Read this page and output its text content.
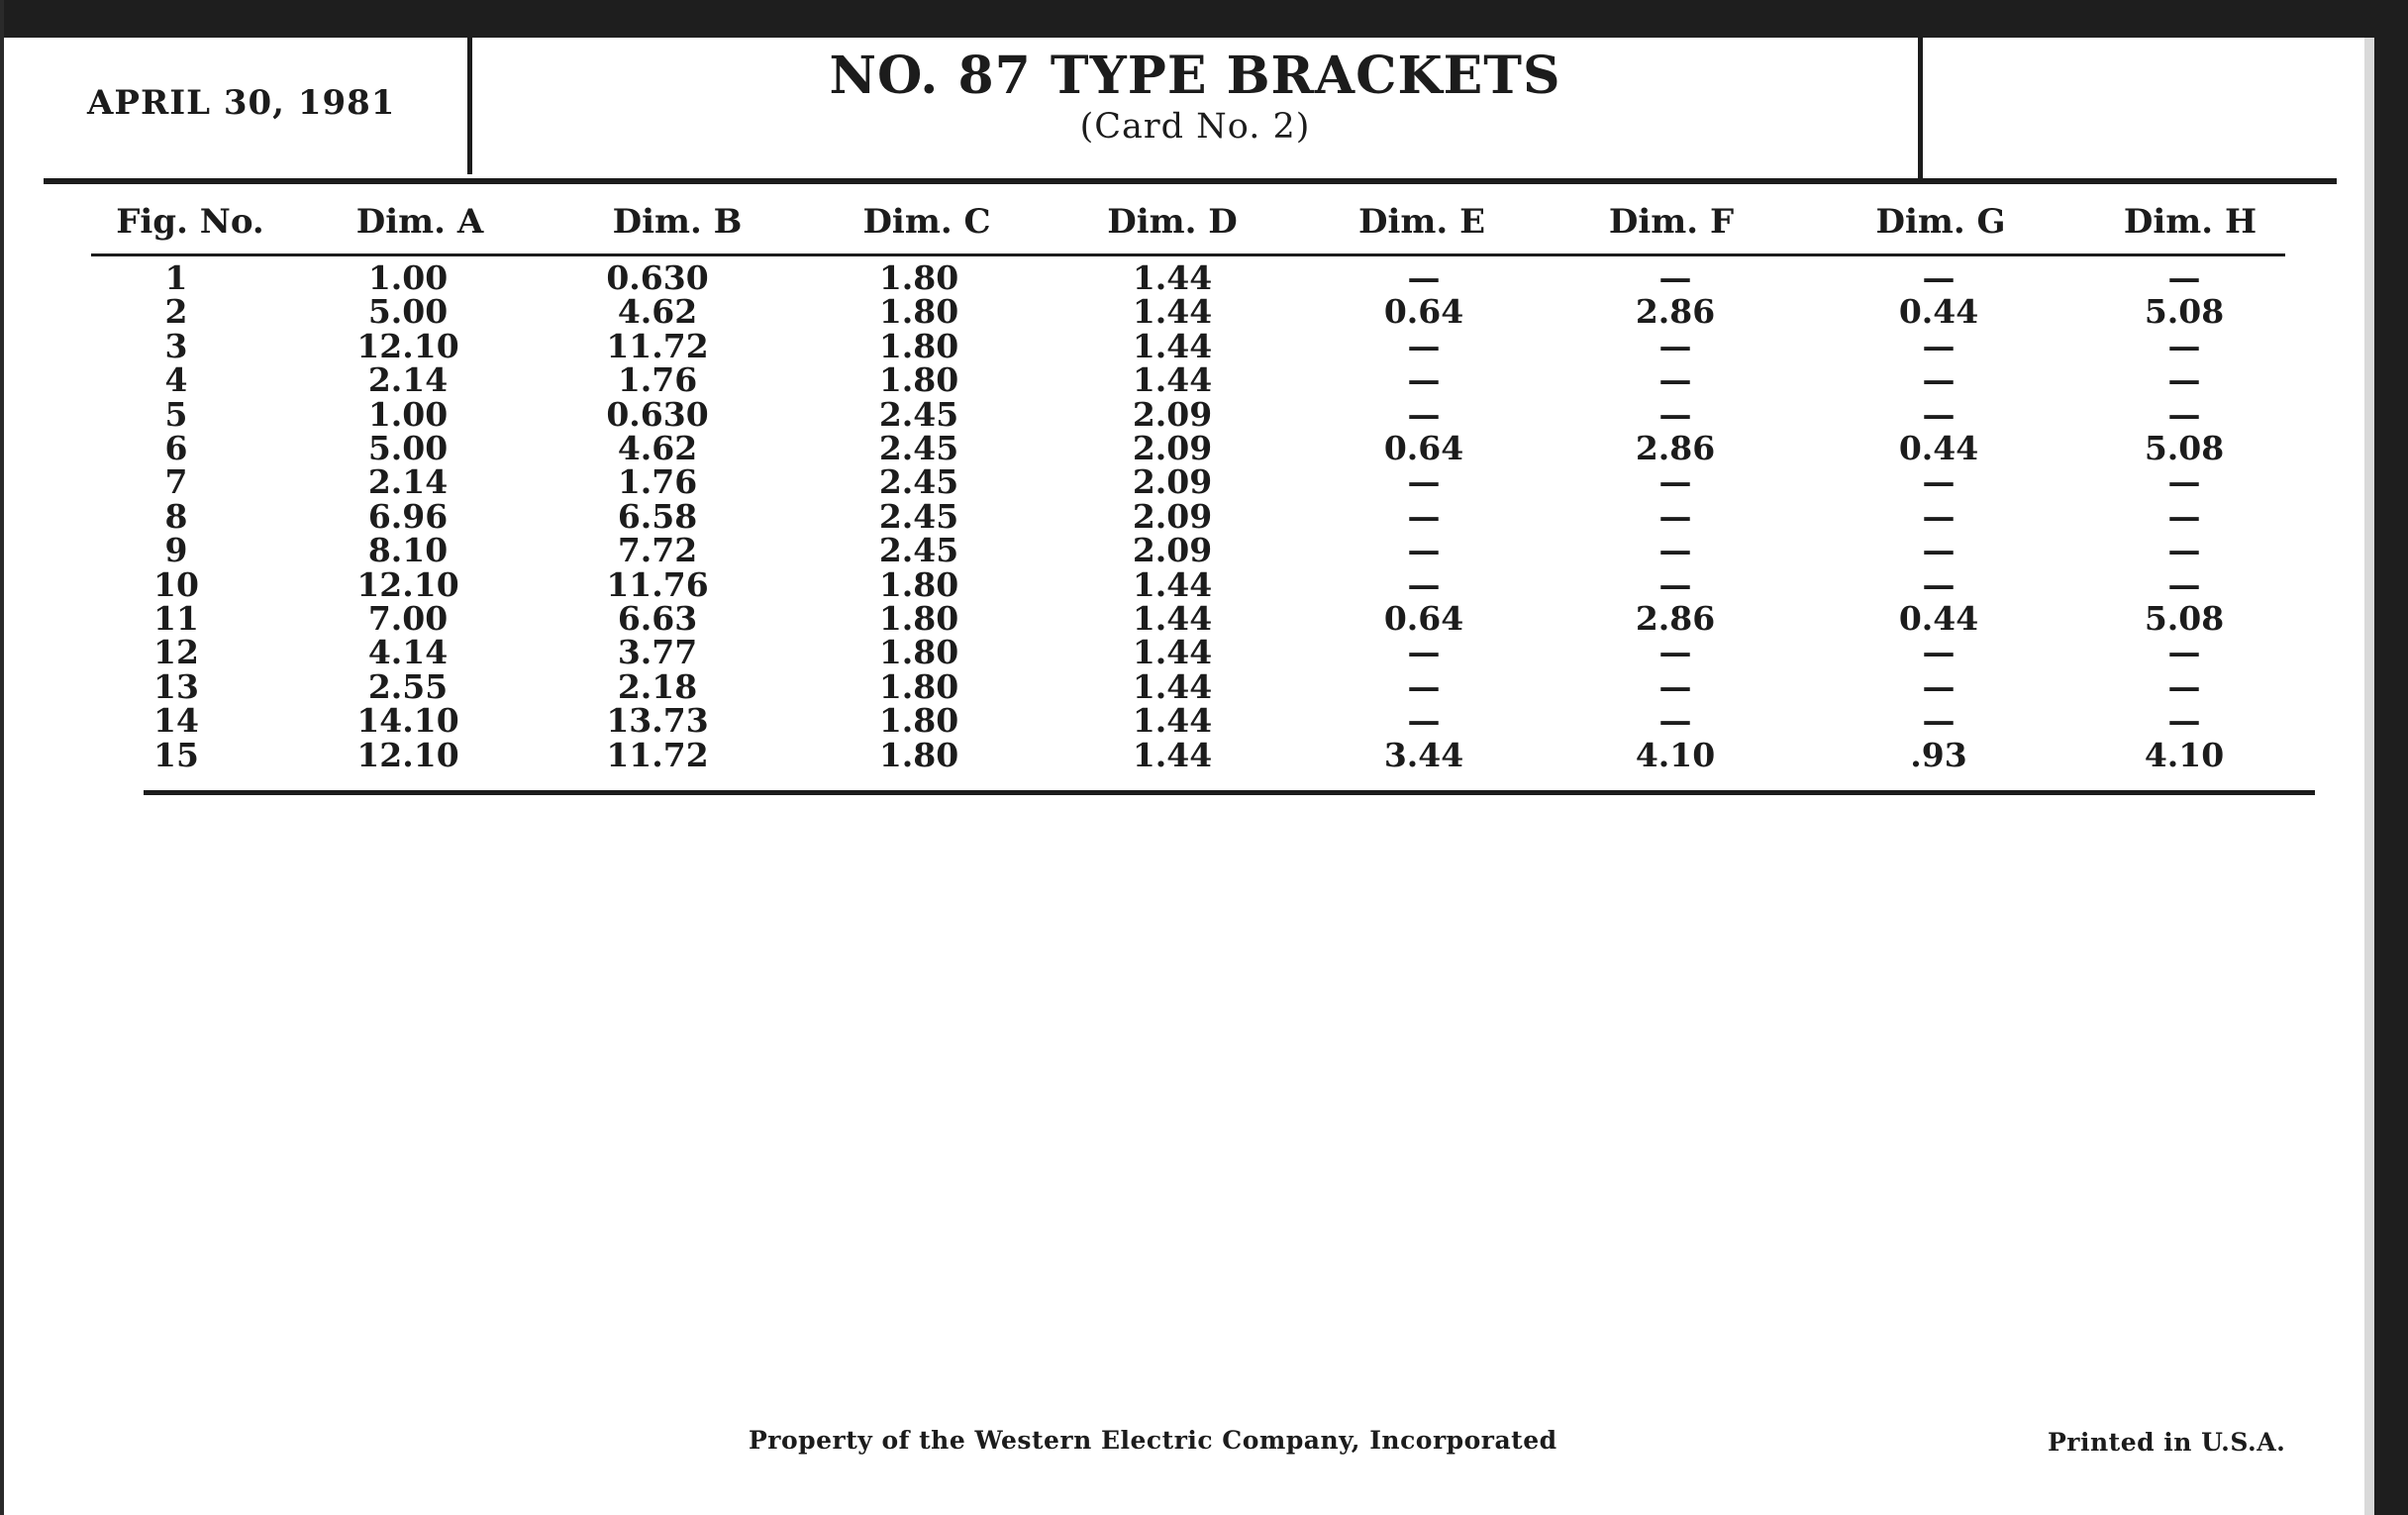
APRIL 30, 1981	NO. 87 TYPE BRACKETS
(Card No. 2)
Fig. No.	Dim. A	Dim. B	Dim. C	Dim. D	Dim. E	Dim. F	Dim. G	Dim. H
1	1.00	0.630	1.80	1.44	—	—	—	—
2	5.00	4.62	1.80	1.44	0.64	2.86	0.44	5.08
3	12.10	11.72	1.80	1.44	—	—	—	—
4	2.14	1.76	1.80	1.44	—	—	—	—
5	1.00	0.630	2.45	2.09	—	—	—	—
6	5.00	4.62	2.45	2.09	0.64	2.86	0.44	5.08
7	2.14	1.76	2.45	2.09	—	—	—	—
8	6.96	6.58	2.45	2.09	—	—	—	—
9	8.10	7.72	2.45	2.09	—	—	—	—
10	12.10	11.76	1.80	1.44	—	—	—	—
11	7.00	6.63	1.80	1.44	0.64	2.86	0.44	5.08
12	4.14	3.77	1.80	1.44	—	—	—	—
13	2.55	2.18	1.80	1.44	—	—	—	—
14	14.10	13.73	1.80	1.44	—	—	—	—
15	12.10	11.72	1.80	1.44	3.44	4.10	.93	4.10
Property of the Western Electric Company, Incorporated	Printed in U.S.A.
